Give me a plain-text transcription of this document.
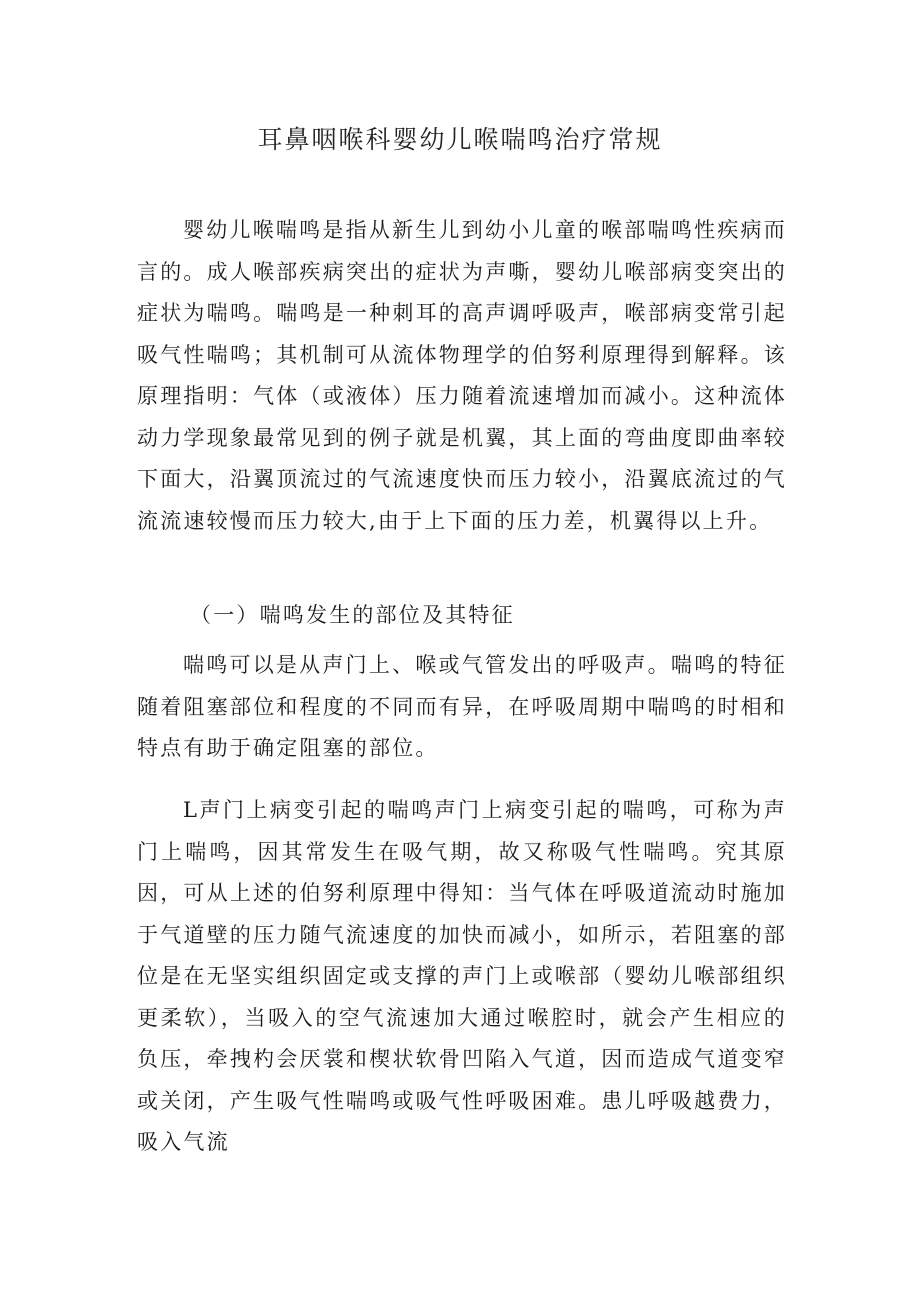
耳鼻咽喉科婴幼儿喉喘鸣治疗常规

婴幼儿喉喘鸣是指从新生儿到幼小儿童的喉部喘鸣性疾病而言的。成人喉部疾病突出的症状为声嘶，婴幼儿喉部病变突出的症状为喘鸣。喘鸣是一种刺耳的高声调呼吸声，喉部病变常引起吸气性喘鸣；其机制可从流体物理学的伯努利原理得到解释。该原理指明：气体（或液体）压力随着流速增加而减小。这种流体动力学现象最常见到的例子就是机翼，其上面的弯曲度即曲率较下面大，沿翼顶流过的气流速度快而压力较小，沿翼底流过的气流流速较慢而压力较大,由于上下面的压力差，机翼得以上升。

（一）喘鸣发生的部位及其特征

喘鸣可以是从声门上、喉或气管发出的呼吸声。喘鸣的特征随着阻塞部位和程度的不同而有异，在呼吸周期中喘鸣的时相和特点有助于确定阻塞的部位。

L声门上病变引起的喘鸣声门上病变引起的喘鸣，可称为声门上喘鸣，因其常发生在吸气期，故又称吸气性喘鸣。究其原因，可从上述的伯努利原理中得知：当气体在呼吸道流动时施加于气道壁的压力随气流速度的加快而减小，如所示，若阻塞的部位是在无坚实组织固定或支撑的声门上或喉部（婴幼儿喉部组织更柔软），当吸入的空气流速加大通过喉腔时，就会产生相应的负压，牵拽杓会厌裳和楔状软骨凹陷入气道，因而造成气道变窄或关闭，产生吸气性喘鸣或吸气性呼吸困难。患儿呼吸越费力，吸入气流
